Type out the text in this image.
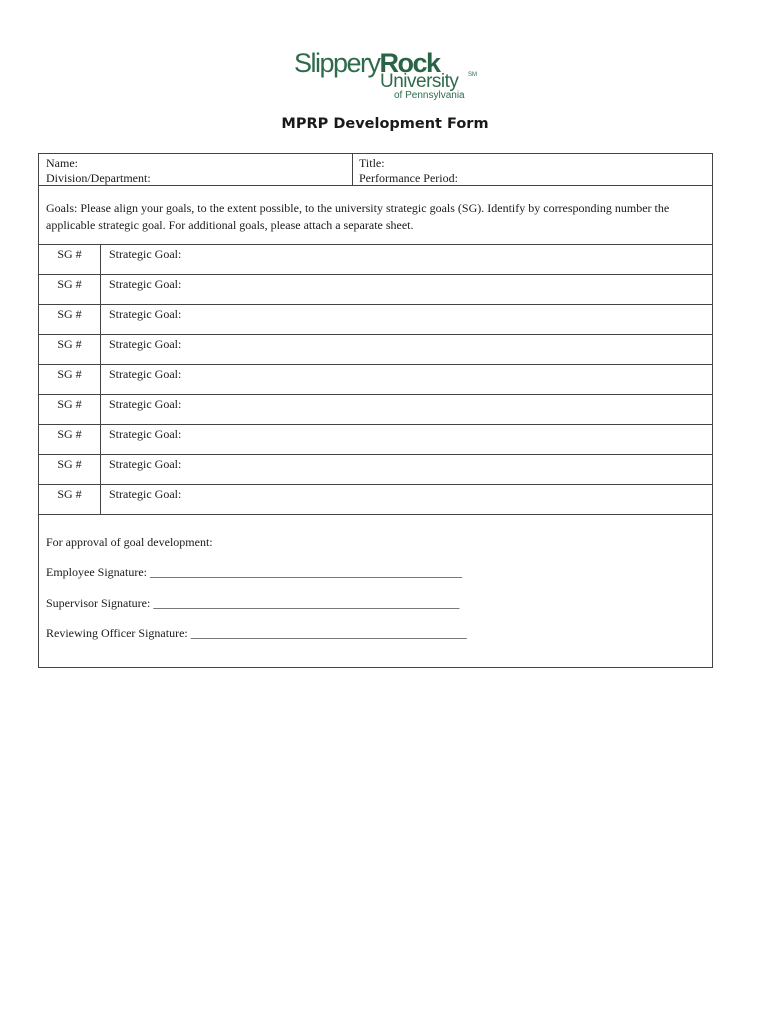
SlipperyRock
University SM
of Pennsylvania
MPRP Development Form
Name:
Division/Department:
Title:
Performance Period:
Goals: Please align your goals, to the extent possible, to the university strategic goals (SG). Identify by corresponding number the applicable strategic goal. For additional goals, please attach a separate sheet.
SG #	Strategic Goal:
SG #	Strategic Goal:
SG #	Strategic Goal:
SG #	Strategic Goal:
SG #	Strategic Goal:
SG #	Strategic Goal:
SG #	Strategic Goal:
SG #	Strategic Goal:
SG #	Strategic Goal:
For approval of goal development:
Employee Signature: ____________________________________________________
Supervisor Signature: ___________________________________________________
Reviewing Officer Signature: ______________________________________________
